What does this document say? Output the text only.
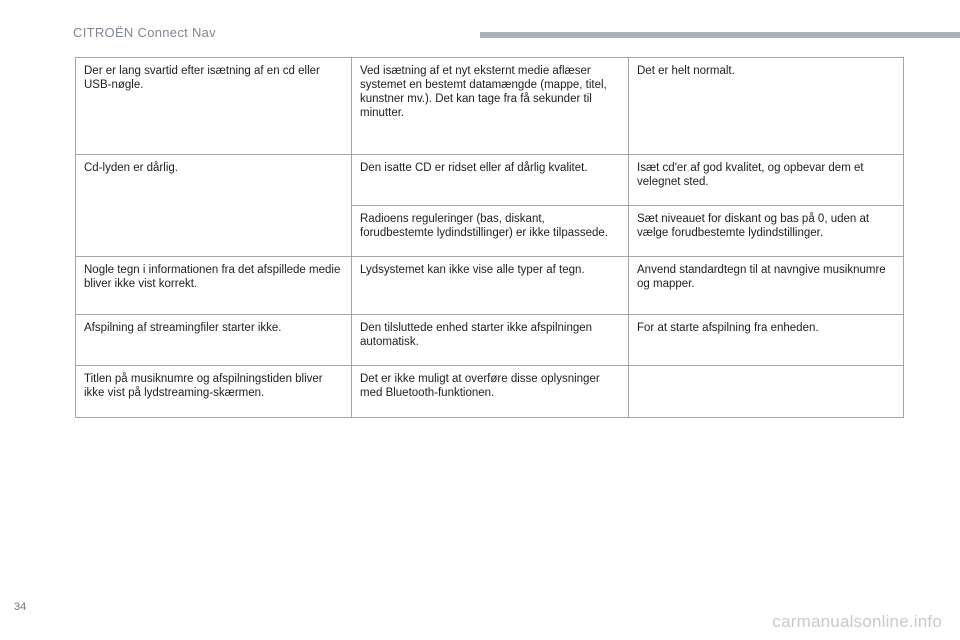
CITROËN Connect Nav
Der er lang svartid efter isætning af en cd eller USB-nøgle.	Ved isætning af et nyt eksternt medie aflæser systemet en bestemt datamængde (mappe, titel, kunstner mv.). Det kan tage fra få sekunder til minutter.	Det er helt normalt.
Cd-lyden er dårlig.	Den isatte CD er ridset eller af dårlig kvalitet.	Isæt cd'er af god kvalitet, og opbevar dem et velegnet sted.
	Radioens reguleringer (bas, diskant, forudbestemte lydindstillinger) er ikke tilpassede.	Sæt niveauet for diskant og bas på 0, uden at vælge forudbestemte lydindstillinger.
Nogle tegn i informationen fra det afspillede medie bliver ikke vist korrekt.	Lydsystemet kan ikke vise alle typer af tegn.	Anvend standardtegn til at navngive musiknumre og mapper.
Afspilning af streamingfiler starter ikke.	Den tilsluttede enhed starter ikke afspilningen automatisk.	For at starte afspilning fra enheden.
Titlen på musiknumre og afspilningstiden bliver ikke vist på lydstreaming-skærmen.	Det er ikke muligt at overføre disse oplysninger med Bluetooth-funktionen.	
34
carmanualsonline.info
